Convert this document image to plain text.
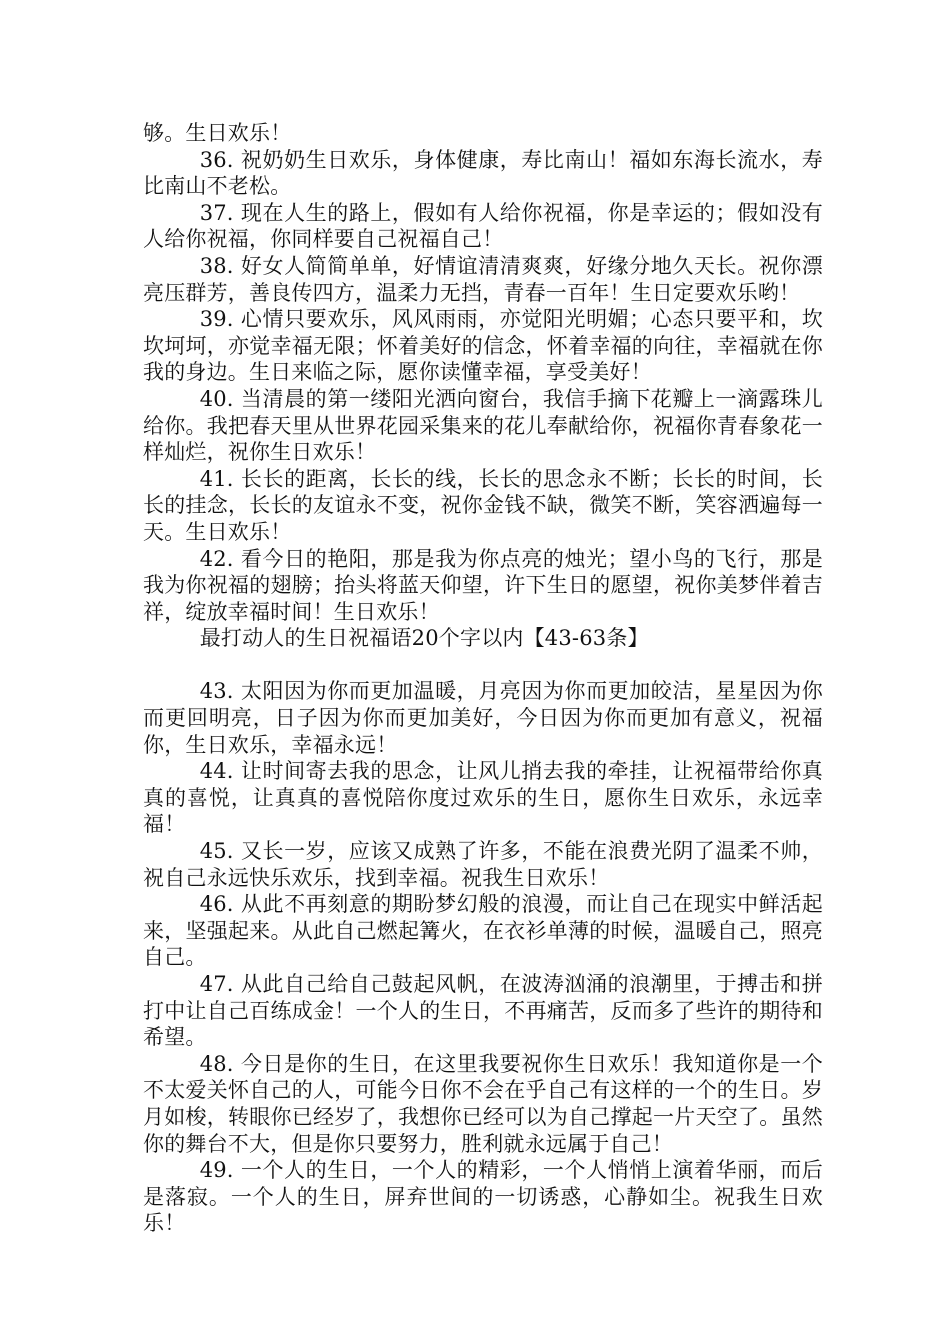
够。生日欢乐！

36. 祝奶奶生日欢乐，身体健康，寿比南山！福如东海长流水，寿比南山不老松。

37. 现在人生的路上，假如有人给你祝福，你是幸运的；假如没有人给你祝福，你同样要自己祝福自己！

38. 好女人简简单单，好情谊清清爽爽，好缘分地久天长。祝你漂亮压群芳，善良传四方，温柔力无挡，青春一百年！生日定要欢乐哟！

39. 心情只要欢乐，风风雨雨，亦觉阳光明媚；心态只要平和，坎坎坷坷，亦觉幸福无限；怀着美好的信念，怀着幸福的向往，幸福就在你我的身边。生日来临之际，愿你读懂幸福，享受美好！

40. 当清晨的第一缕阳光洒向窗台，我信手摘下花瓣上一滴露珠儿给你。我把春天里从世界花园采集来的花儿奉献给你，祝福你青春象花一样灿烂，祝你生日欢乐！

41. 长长的距离，长长的线，长长的思念永不断；长长的时间，长长的挂念，长长的友谊永不变，祝你金钱不缺，微笑不断，笑容洒遍每一天。生日欢乐！

42. 看今日的艳阳，那是我为你点亮的烛光；望小鸟的飞行，那是我为你祝福的翅膀；抬头将蓝天仰望，许下生日的愿望，祝你美梦伴着吉祥，绽放幸福时间！生日欢乐！

最打动人的生日祝福语20个字以内【43-63条】

43. 太阳因为你而更加温暖，月亮因为你而更加皎洁，星星因为你而更回明亮，日子因为你而更加美好，今日因为你而更加有意义，祝福你，生日欢乐，幸福永远！

44. 让时间寄去我的思念，让风儿捎去我的牵挂，让祝福带给你真真的喜悦，让真真的喜悦陪你度过欢乐的生日，愿你生日欢乐，永远幸福！

45. 又长一岁，应该又成熟了许多，不能在浪费光阴了温柔不帅，祝自己永远快乐欢乐，找到幸福。祝我生日欢乐！

46. 从此不再刻意的期盼梦幻般的浪漫，而让自己在现实中鲜活起来，坚强起来。从此自己燃起篝火，在衣衫单薄的时候，温暖自己，照亮自己。

47. 从此自己给自己鼓起风帆，在波涛汹涌的浪潮里，于搏击和拼打中让自己百练成金！一个人的生日，不再痛苦，反而多了些许的期待和希望。

48. 今日是你的生日，在这里我要祝你生日欢乐！我知道你是一个不太爱关怀自己的人，可能今日你不会在乎自己有这样的一个的生日。岁月如梭，转眼你已经岁了，我想你已经可以为自己撑起一片天空了。虽然你的舞台不大，但是你只要努力，胜利就永远属于自己！

49. 一个人的生日，一个人的精彩，一个人悄悄上演着华丽，而后是落寂。一个人的生日，屏弃世间的一切诱惑，心静如尘。祝我生日欢乐！
